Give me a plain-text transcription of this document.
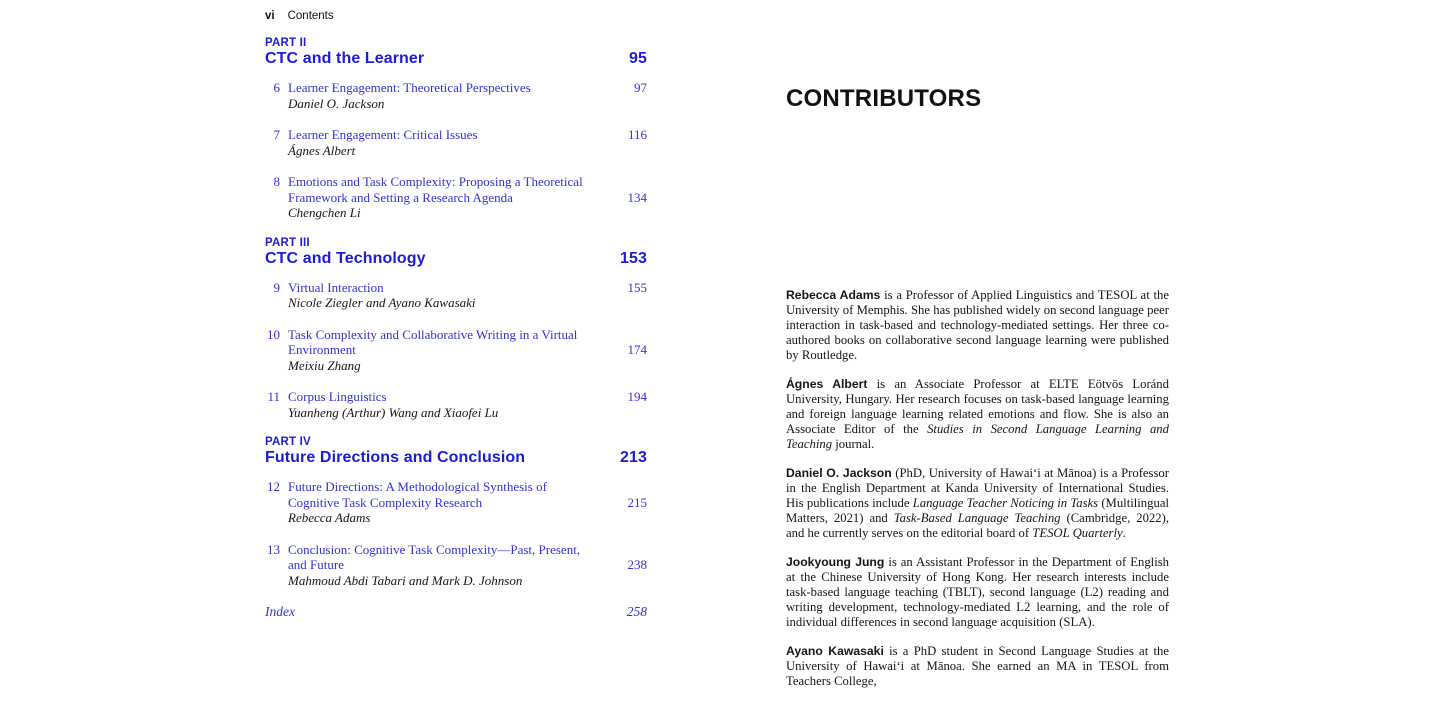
vi Contents
PART II
CTC and the Learner	95
6 Learner Engagement: Theoretical Perspectives	97
Daniel O. Jackson
7 Learner Engagement: Critical Issues	116
Ágnes Albert
8 Emotions and Task Complexity: Proposing a Theoretical
Framework and Setting a Research Agenda	134
Chengchen Li
PART III
CTC and Technology	153
9 Virtual Interaction	155
Nicole Ziegler and Ayano Kawasaki
10 Task Complexity and Collaborative Writing in a Virtual
Environment	174
Meixiu Zhang
11 Corpus Linguistics	194
Yuanheng (Arthur) Wang and Xiaofei Lu
PART IV
Future Directions and Conclusion	213
12 Future Directions: A Methodological Synthesis of
Cognitive Task Complexity Research	215
Rebecca Adams
13 Conclusion: Cognitive Task Complexity—Past, Present,
and Future	238
Mahmoud Abdi Tabari and Mark D. Johnson
Index	258
CONTRIBUTORS

Rebecca Adams is a Professor of Applied Linguistics and TESOL at the University of Memphis. She has published widely on second language peer interaction in task-based and technology-mediated settings. Her three co-authored books on collaborative second language learning were published by Routledge.

Ágnes Albert is an Associate Professor at ELTE Eötvös Loránd University, Hungary. Her research focuses on task-based language learning and foreign language learning related emotions and flow. She is also an Associate Editor of the Studies in Second Language Learning and Teaching journal.

Daniel O. Jackson (PhD, University of Hawaiʻi at Mānoa) is a Professor in the English Department at Kanda University of International Studies. His publications include Language Teacher Noticing in Tasks (Multilingual Matters, 2021) and Task-Based Language Teaching (Cambridge, 2022), and he currently serves on the editorial board of TESOL Quarterly.

Jookyoung Jung is an Assistant Professor in the Department of English at the Chinese University of Hong Kong. Her research interests include task-based language teaching (TBLT), second language (L2) reading and writing development, technology-mediated L2 learning, and the role of individual differences in second language acquisition (SLA).

Ayano Kawasaki is a PhD student in Second Language Studies at the University of Hawaiʻi at Mānoa. She earned an MA in TESOL from Teachers College,
